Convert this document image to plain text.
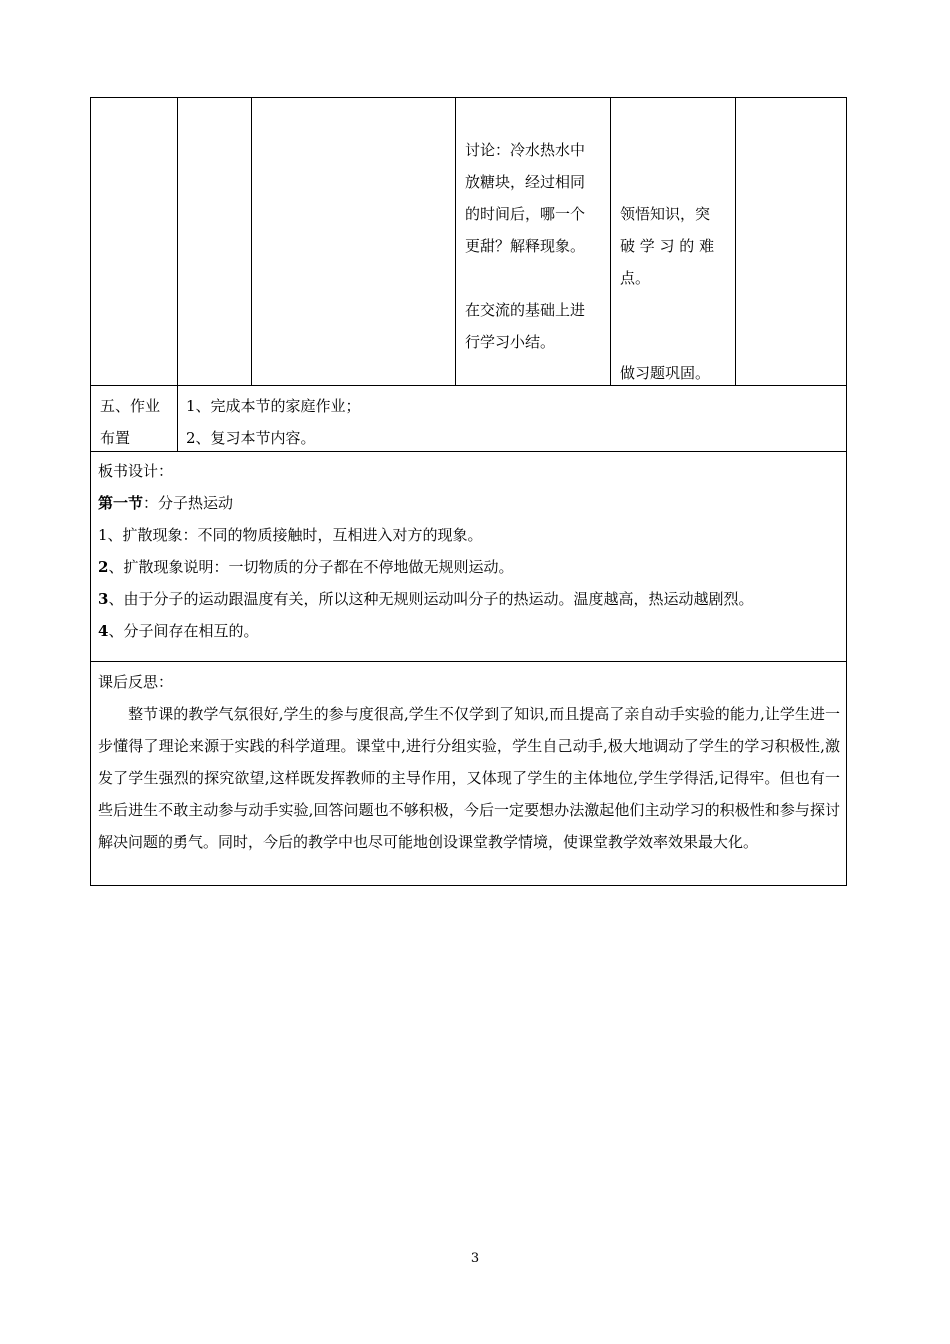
讨论：冷水热水中
放糖块，经过相同
的时间后，哪一个
更甜？解释现象。
在交流的基础上进
行学习小结。
领悟知识，突
破 学 习 的 难
点。
做习题巩固。
五、作业
布置
1、完成本节的家庭作业；
2、复习本节内容。
板书设计：
第一节：分子热运动
1、扩散现象：不同的物质接触时，互相进入对方的现象。
2、扩散现象说明：一切物质的分子都在不停地做无规则运动。
3、由于分子的运动跟温度有关，所以这种无规则运动叫分子的热运动。温度越高，热运动越剧烈。
4、分子间存在相互的。
课后反思：
　　整节课的教学气氛很好,学生的参与度很高,学生不仅学到了知识,而且提高了亲自动手实验的能力,让学生进一步懂得了理论来源于实践的科学道理。课堂中,进行分组实验，学生自己动手,极大地调动了学生的学习积极性,激发了学生强烈的探究欲望,这样既发挥教师的主导作用，又体现了学生的主体地位,学生学得活,记得牢。但也有一些后进生不敢主动参与动手实验,回答问题也不够积极，今后一定要想办法激起他们主动学习的积极性和参与探讨解决问题的勇气。同时，今后的教学中也尽可能地创设课堂教学情境，使课堂教学效率效果最大化。
3
